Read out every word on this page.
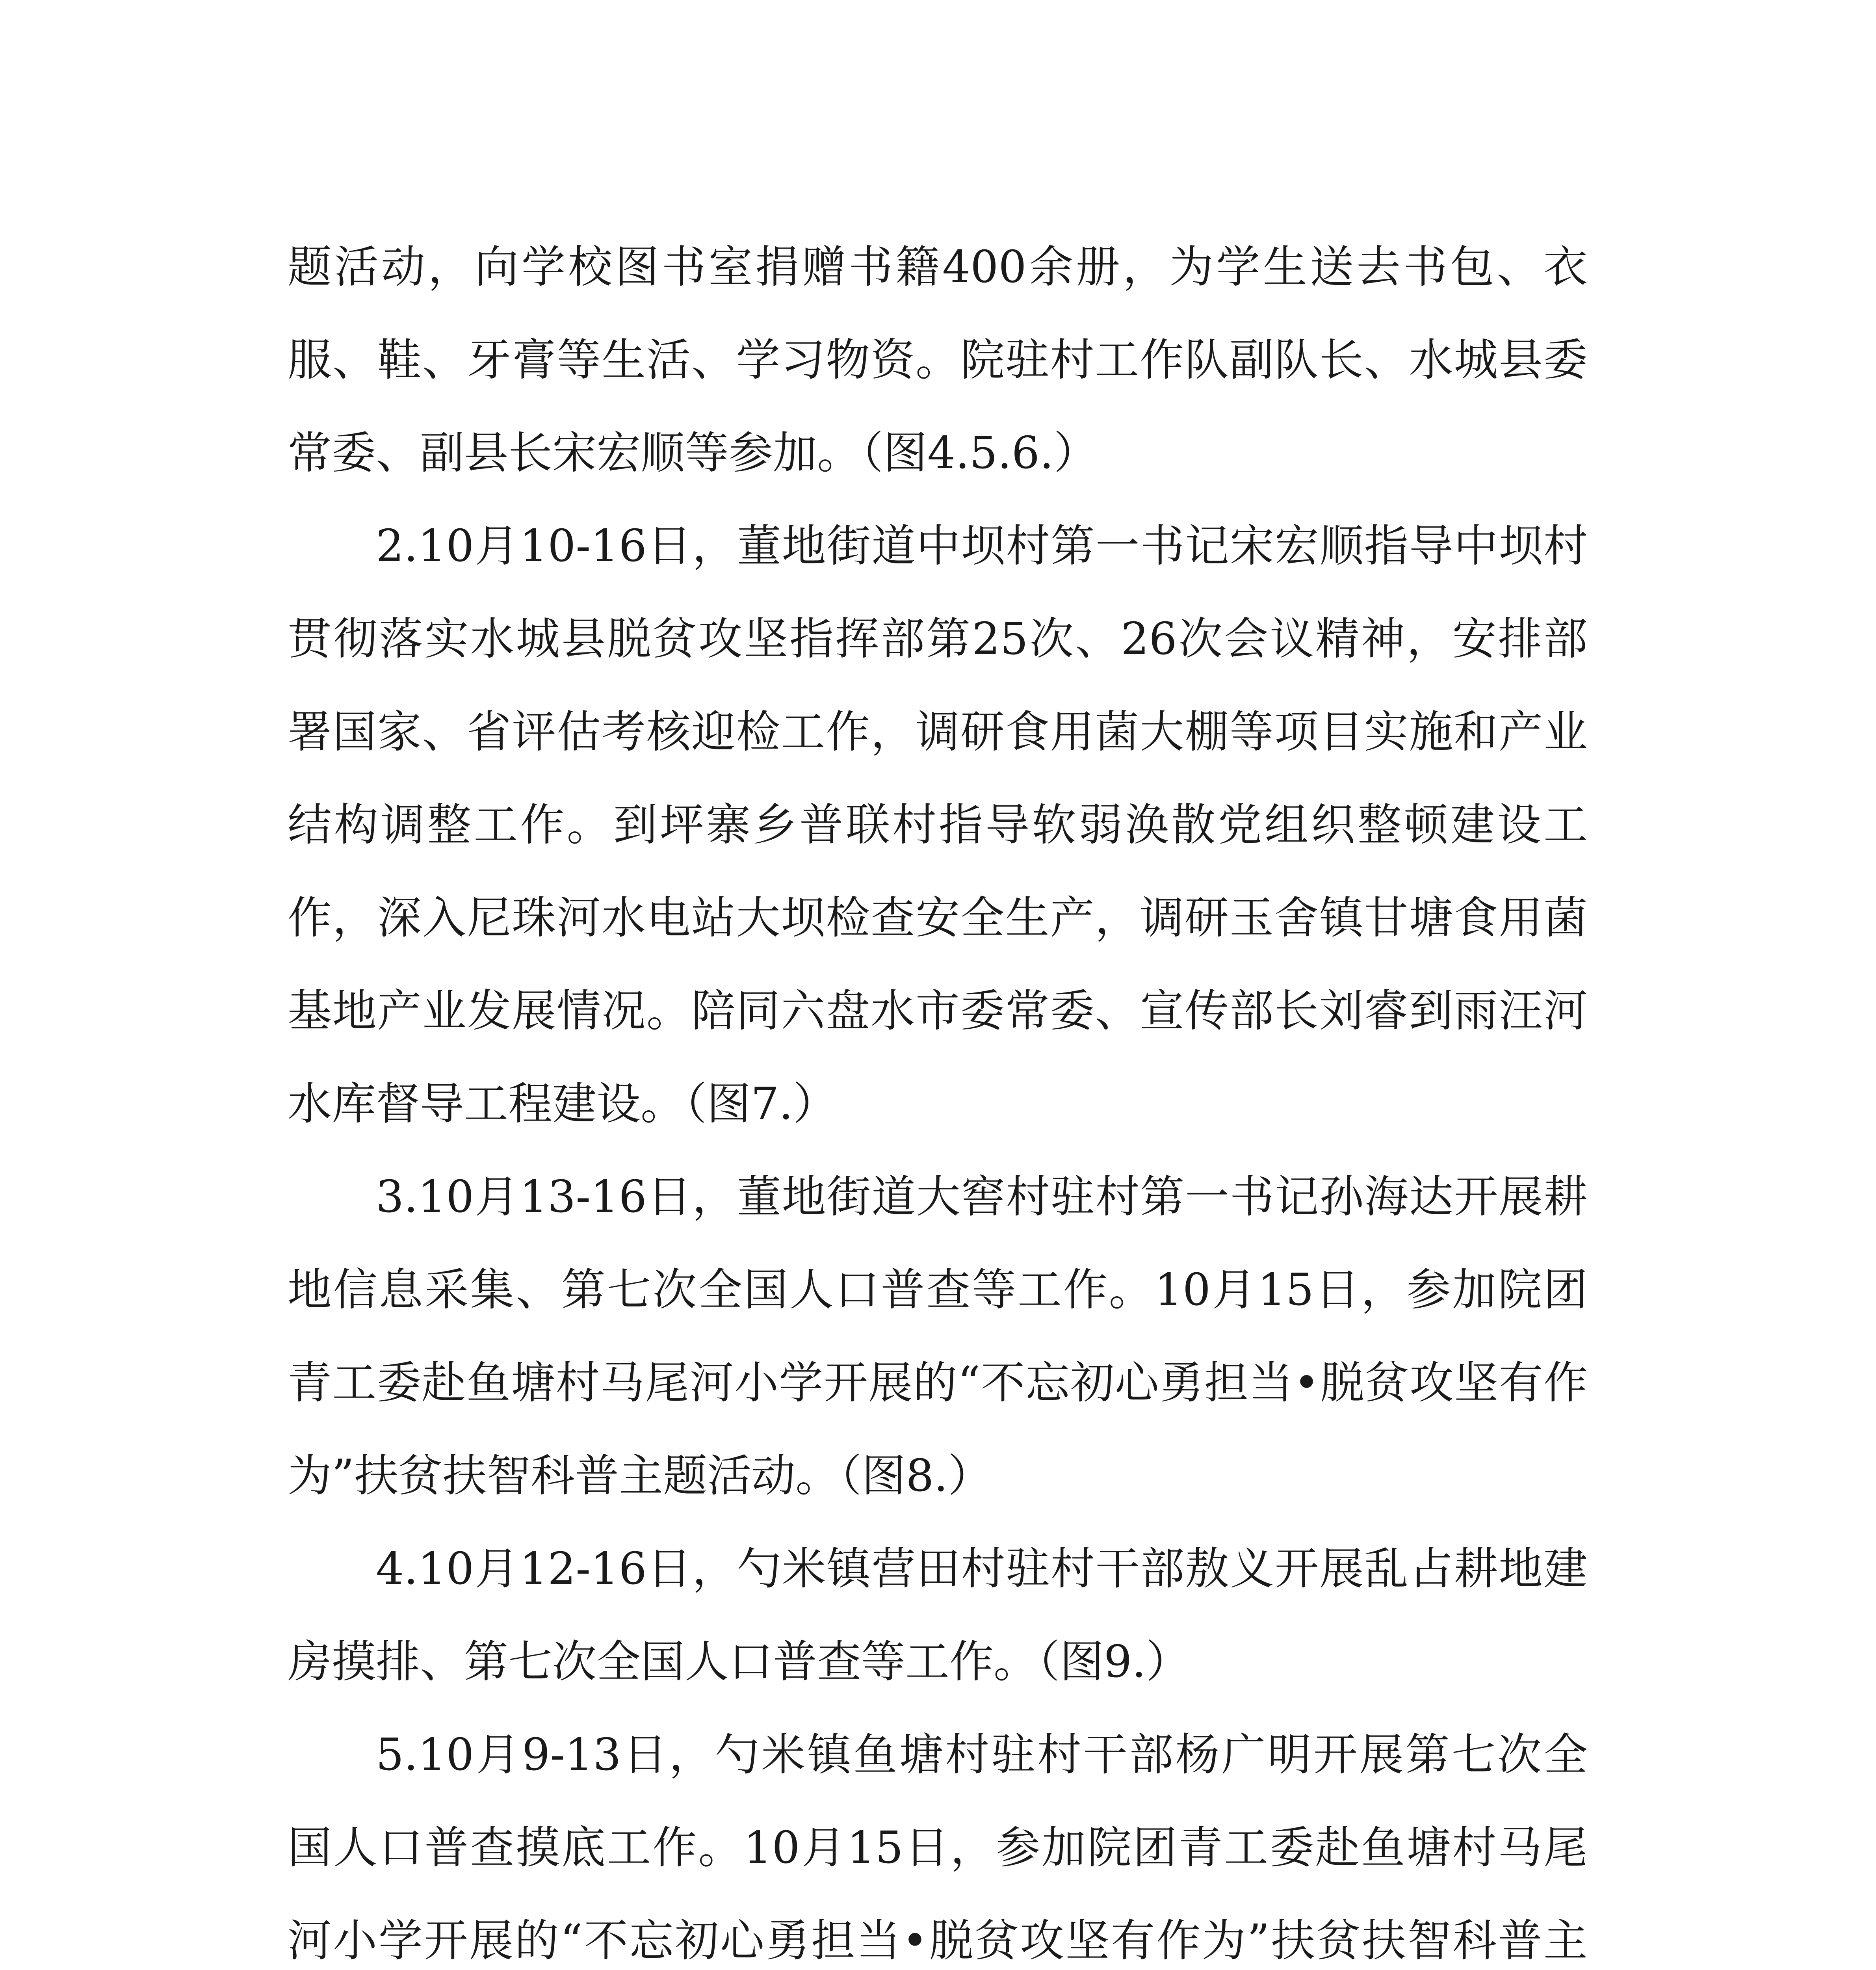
题活动，向学校图书室捐赠书籍400余册，为学生送去书包、衣服、鞋、牙膏等生活、学习物资。院驻村工作队副队长、水城县委常委、副县长宋宏顺等参加。（图4.5.6.）

2.10月10-16日，董地街道中坝村第一书记宋宏顺指导中坝村贯彻落实水城县脱贫攻坚指挥部第25次、26次会议精神，安排部署国家、省评估考核迎检工作，调研食用菌大棚等项目实施和产业结构调整工作。到坪寨乡普联村指导软弱涣散党组织整顿建设工作，深入尼珠河水电站大坝检查安全生产，调研玉舍镇甘塘食用菌基地产业发展情况。陪同六盘水市委常委、宣传部长刘睿到雨汪河水库督导工程建设。（图7.）

3.10月13-16日，董地街道大窖村驻村第一书记孙海达开展耕地信息采集、第七次全国人口普查等工作。10月15日，参加院团青工委赴鱼塘村马尾河小学开展的“不忘初心勇担当•脱贫攻坚有作为”扶贫扶智科普主题活动。（图8.）

4.10月12-16日，勺米镇营田村驻村干部敖义开展乱占耕地建房摸排、第七次全国人口普查等工作。（图9.）

5.10月9-13日，勺米镇鱼塘村驻村干部杨广明开展第七次全国人口普查摸底工作。10月15日，参加院团青工委赴鱼塘村马尾河小学开展的“不忘初心勇担当•脱贫攻坚有作为”扶贫扶智科普主
